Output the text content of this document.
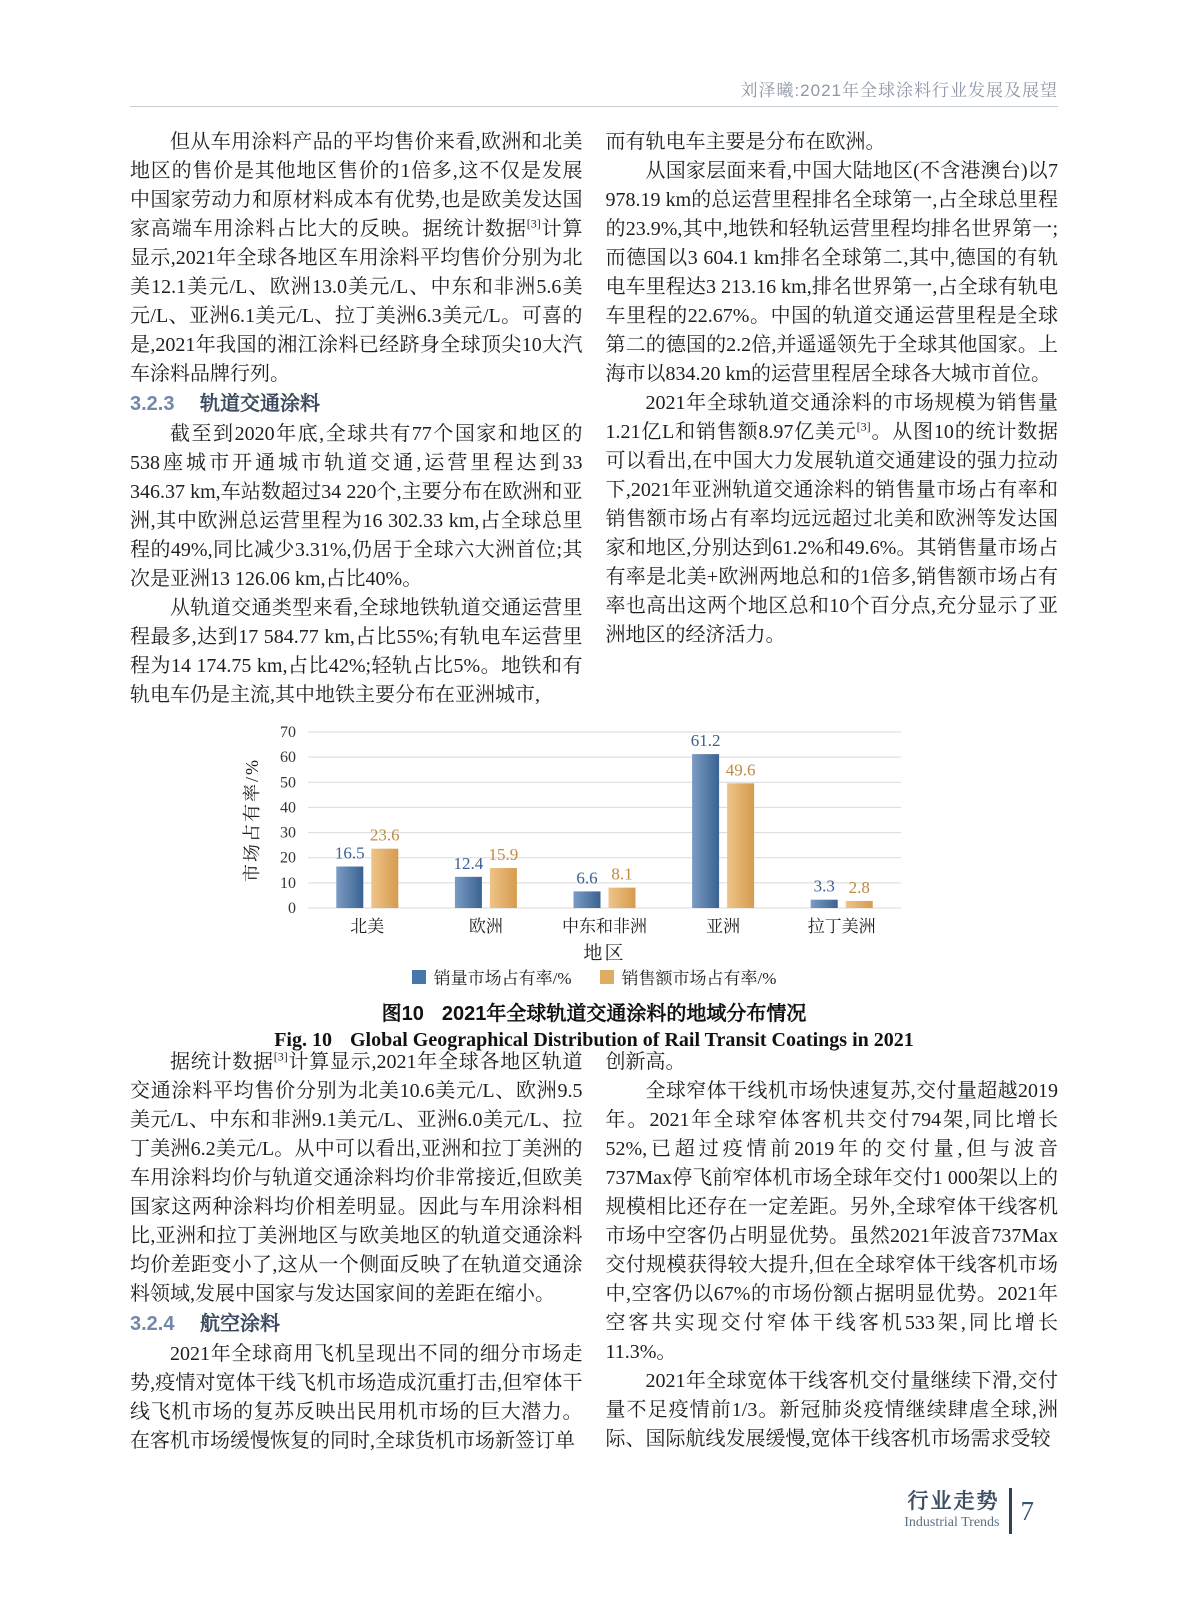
刘泽曦:2021年全球涂料行业发展及展望

但从车用涂料产品的平均售价来看,欧洲和北美地区的售价是其他地区售价的1倍多,这不仅是发展中国家劳动力和原材料成本有优势,也是欧美发达国家高端车用涂料占比大的反映。据统计数据[3]计算显示,2021年全球各地区车用涂料平均售价分别为北美12.1美元/L、欧洲13.0美元/L、中东和非洲5.6美元/L、亚洲6.1美元/L、拉丁美洲6.3美元/L。可喜的是,2021年我国的湘江涂料已经跻身全球顶尖10大汽车涂料品牌行列。

3.2.3 轨道交通涂料

截至到2020年底,全球共有77个国家和地区的538座城市开通城市轨道交通,运营里程达到33 346.37 km,车站数超过34 220个,主要分布在欧洲和亚洲,其中欧洲总运营里程为16 302.33 km,占全球总里程的49%,同比减少3.31%,仍居于全球六大洲首位;其次是亚洲13 126.06 km,占比40%。

从轨道交通类型来看,全球地铁轨道交通运营里程最多,达到17 584.77 km,占比55%;有轨电车运营里程为14 174.75 km,占比42%;轻轨占比5%。地铁和有轨电车仍是主流,其中地铁主要分布在亚洲城市,

而有轨电车主要是分布在欧洲。

从国家层面来看,中国大陆地区(不含港澳台)以7 978.19 km的总运营里程排名全球第一,占全球总里程的23.9%,其中,地铁和轻轨运营里程均排名世界第一;而德国以3 604.1 km排名全球第二,其中,德国的有轨电车里程达3 213.16 km,排名世界第一,占全球有轨电车里程的22.67%。中国的轨道交通运营里程是全球第二的德国的2.2倍,并遥遥领先于全球其他国家。上海市以834.20 km的运营里程居全球各大城市首位。

2021年全球轨道交通涂料的市场规模为销售量1.21亿L和销售额8.97亿美元[3]。从图10的统计数据可以看出,在中国大力发展轨道交通建设的强力拉动下,2021年亚洲轨道交通涂料的销售量市场占有率和销售额市场占有率均远远超过北美和欧洲等发达国家和地区,分别达到61.2%和49.6%。其销售量市场占有率是北美+欧洲两地总和的1倍多,销售额市场占有率也高出这两个地区总和10个百分点,充分显示了亚洲地区的经济活力。

0
10
20
30
40
50
60
70
市场占有率/%	16.5
23.6
北美
12.4 15.9
欧洲
6.6 8.1
中东和非洲
61.2
49.6
亚洲
3.3 2.8
拉丁美洲
地区
销量市场占有率/%	销售额市场占有率/%
图10 2021年全球轨道交通涂料的地域分布情况
Fig. 10 Global Geographical Distribution of Rail Transit Coatings in 2021

据统计数据[3]计算显示,2021年全球各地区轨道交通涂料平均售价分别为北美10.6美元/L、欧洲9.5美元/L、中东和非洲9.1美元/L、亚洲6.0美元/L、拉丁美洲6.2美元/L。从中可以看出,亚洲和拉丁美洲的车用涂料均价与轨道交通涂料均价非常接近,但欧美国家这两种涂料均价相差明显。因此与车用涂料相比,亚洲和拉丁美洲地区与欧美地区的轨道交通涂料均价差距变小了,这从一个侧面反映了在轨道交通涂料领域,发展中国家与发达国家间的差距在缩小。

3.2.4 航空涂料

2021年全球商用飞机呈现出不同的细分市场走势,疫情对宽体干线飞机市场造成沉重打击,但窄体干线飞机市场的复苏反映出民用机市场的巨大潜力。在客机市场缓慢恢复的同时,全球货机市场新签订单

创新高。

全球窄体干线机市场快速复苏,交付量超越2019年。2021年全球窄体客机共交付794架,同比增长52%,已超过疫情前2019年的交付量,但与波音737Max停飞前窄体机市场全球年交付1 000架以上的规模相比还存在一定差距。另外,全球窄体干线客机市场中空客仍占明显优势。虽然2021年波音737Max交付规模获得较大提升,但在全球窄体干线客机市场中,空客仍以67%的市场份额占据明显优势。2021年空客共实现交付窄体干线客机533架,同比增长11.3%。

2021年全球宽体干线客机交付量继续下滑,交付量不足疫情前1/3。新冠肺炎疫情继续肆虐全球,洲际、国际航线发展缓慢,宽体干线客机市场需求受较

行业走势
Industrial Trends 7
